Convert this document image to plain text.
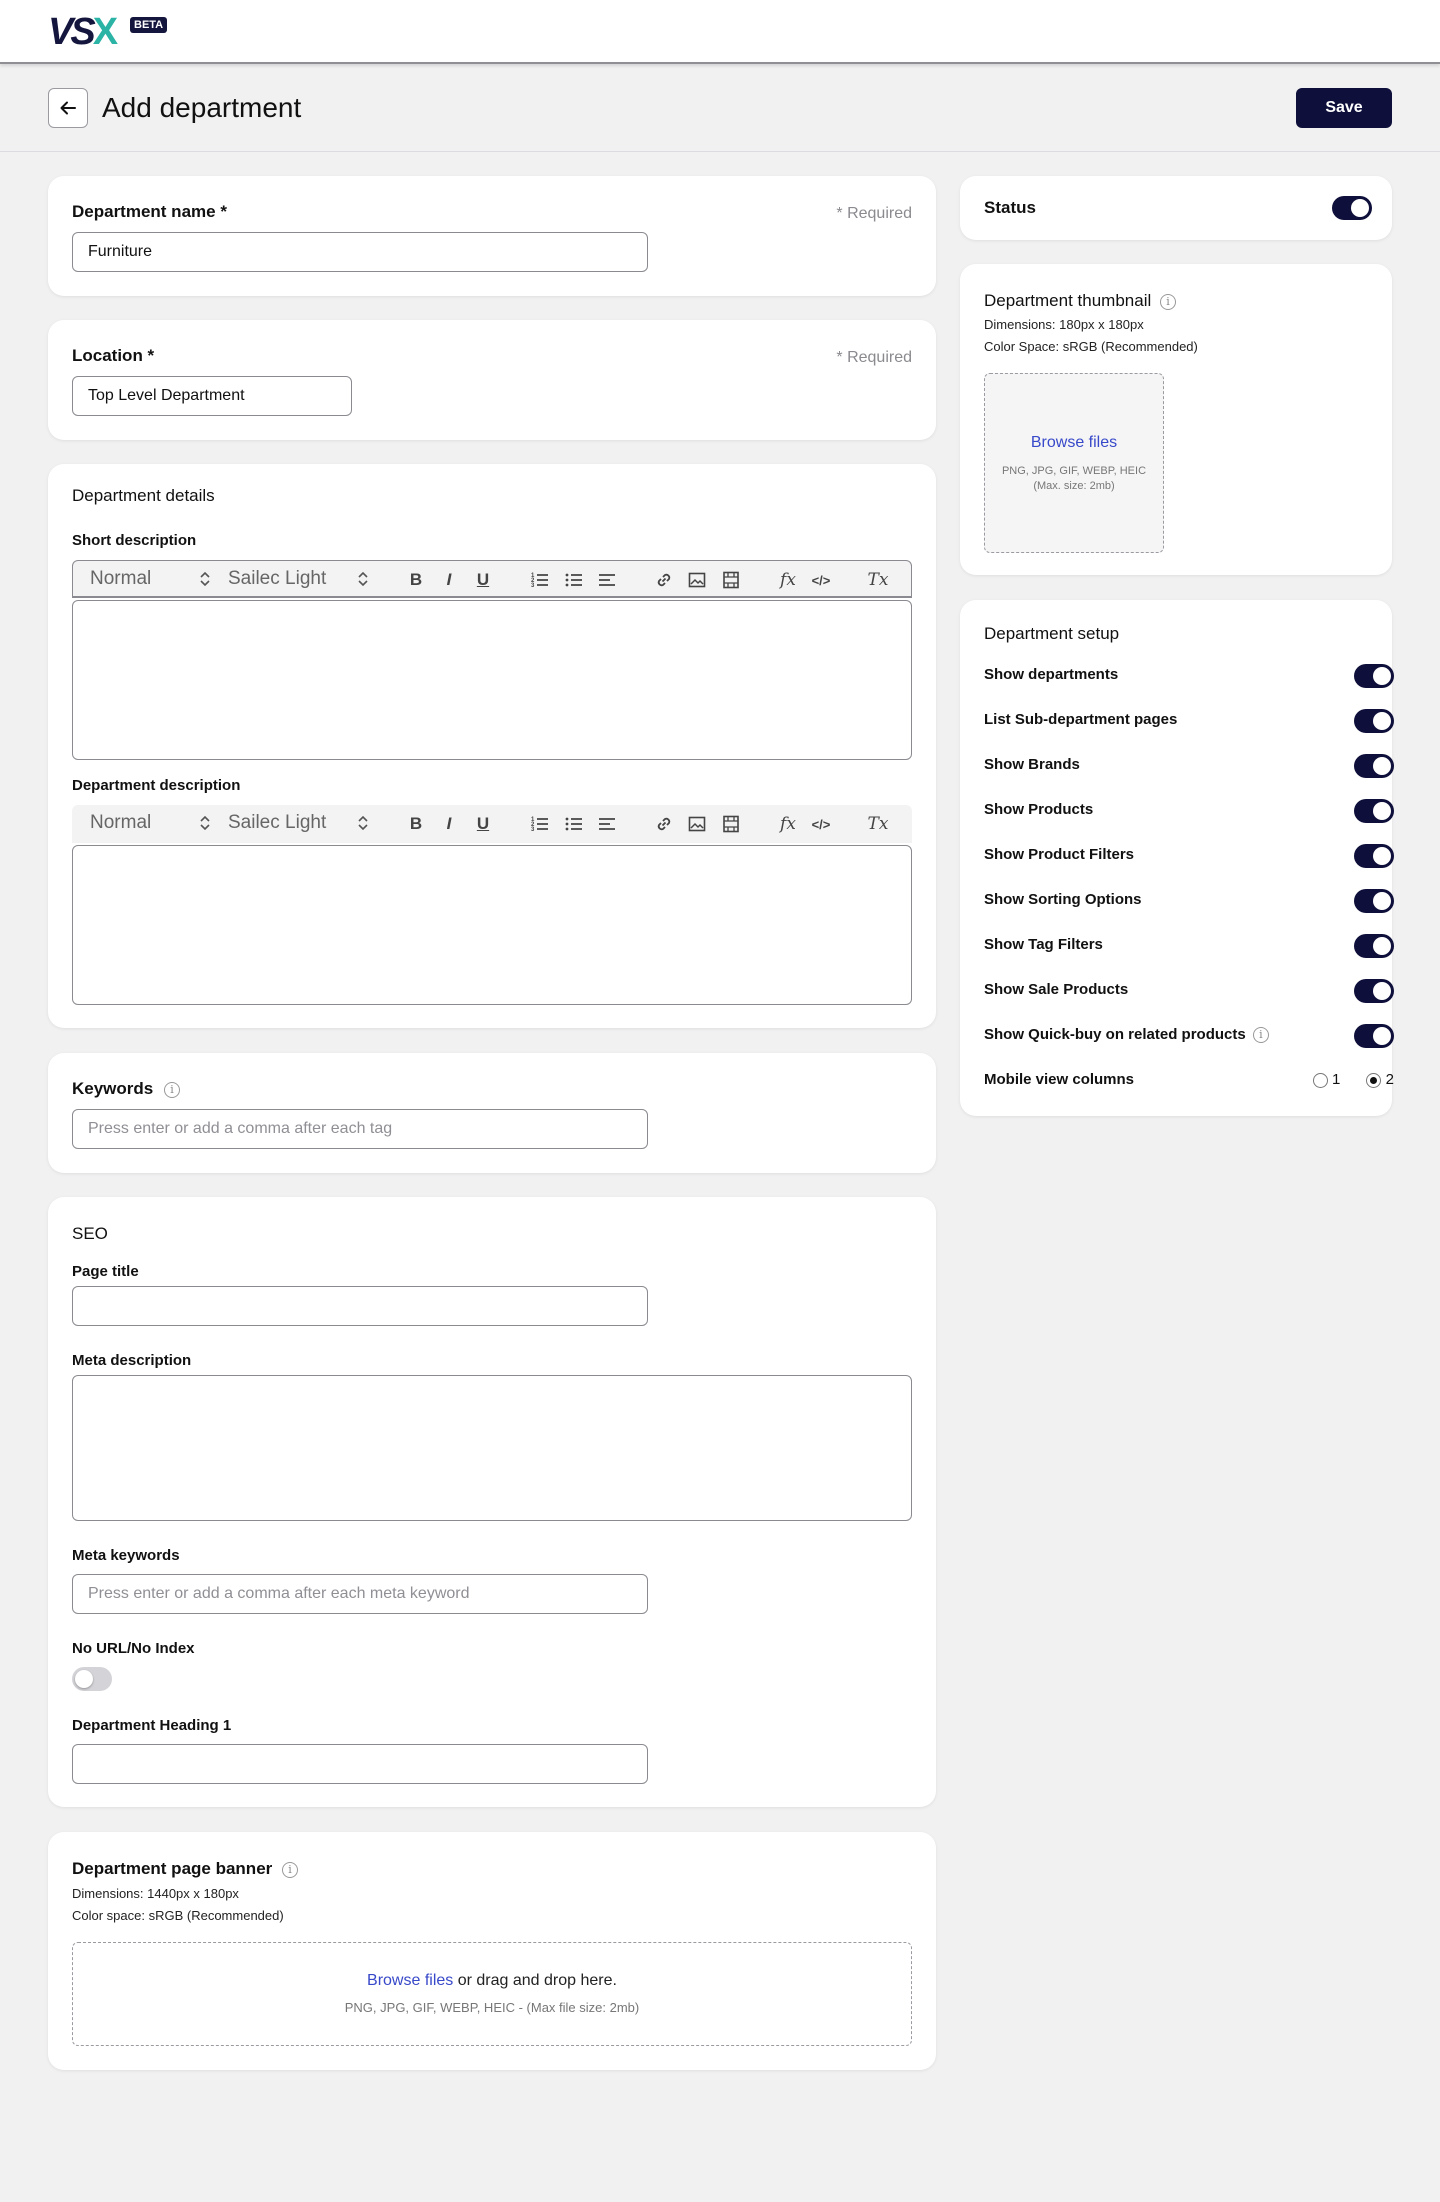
VSX	BETA
Add department	Save
Department name *	* Required
Furniture
Location *	* Required
Top Level Department
Department details
Short description
Normal	Sailec Light	B	I	U	1
2
3	fx </> Tx
Department description
Normal	Sailec Light	B	I	U	1
2
3	fx </> Tx
Keywords i
Press enter or add a comma after each tag
SEO
Page title
Meta description
Meta keywords
Press enter or add a comma after each meta keyword
No URL/No Index
Department Heading 1
Department page banner i
Dimensions: 1440px x 180px
Color space: sRGB (Recommended)
Browse files or drag and drop here.
PNG, JPG, GIF, WEBP, HEIC - (Max file size: 2mb)
Status
Department thumbnail i
Dimensions: 180px x 180px
Color Space: sRGB (Recommended)
Browse files
PNG, JPG, GIF, WEBP, HEIC
(Max. size: 2mb)
Department setup
Show departments
List Sub-department pages
Show Brands
Show Products
Show Product Filters
Show Sorting Options
Show Tag Filters
Show Sale Products
Show Quick-buy on related products i
Mobile view columns	1	2
